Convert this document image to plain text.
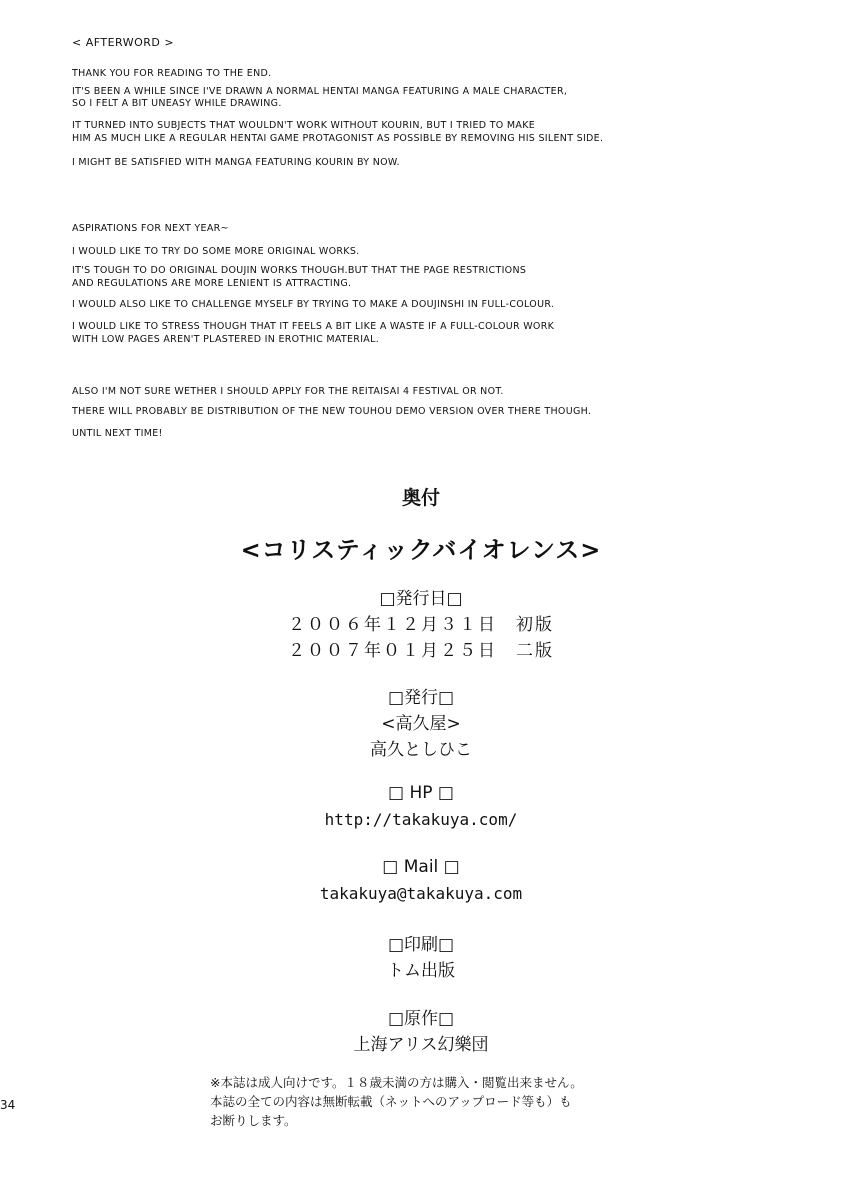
< AFTERWORD >
THANK YOU FOR READING TO THE END.
IT'S BEEN A WHILE SINCE I'VE DRAWN A NORMAL HENTAI MANGA FEATURING A MALE CHARACTER,
SO I FELT A BIT UNEASY WHILE DRAWING.
IT TURNED INTO SUBJECTS THAT WOULDN'T WORK WITHOUT KOURIN, BUT I TRIED TO MAKE
HIM AS MUCH LIKE A REGULAR HENTAI GAME PROTAGONIST AS POSSIBLE BY REMOVING HIS SILENT SIDE.
I MIGHT BE SATISFIED WITH MANGA FEATURING KOURIN BY NOW.
ASPIRATIONS FOR NEXT YEAR~
I WOULD LIKE TO TRY DO SOME MORE ORIGINAL WORKS.
IT'S TOUGH TO DO ORIGINAL DOUJIN WORKS THOUGH.BUT THAT THE PAGE RESTRICTIONS
AND REGULATIONS ARE MORE LENIENT IS ATTRACTING.
I WOULD ALSO LIKE TO CHALLENGE MYSELF BY TRYING TO MAKE A DOUJINSHI IN FULL-COLOUR.
I WOULD LIKE TO STRESS THOUGH THAT IT FEELS A BIT LIKE A WASTE IF A FULL-COLOUR WORK
WITH LOW PAGES AREN'T PLASTERED IN EROTHIC MATERIAL.
ALSO I'M NOT SURE WETHER I SHOULD APPLY FOR THE REITAISAI 4 FESTIVAL OR NOT.
THERE WILL PROBABLY BE DISTRIBUTION OF THE NEW TOUHOU DEMO VERSION OVER THERE THOUGH.
UNTIL NEXT TIME!
奥付
<コリスティックバイオレンス>
□発行日□
２００６年１２月３１日　初版
２００７年０１月２５日　二版
□発行□
<高久屋>
高久としひこ
□ HP □
http://takakuya.com/
□ Mail □
takakuya@takakuya.com
□印刷□
トム出版
□原作□
上海アリス幻樂団
※本誌は成人向けです。１８歳未満の方は購入・閲覧出来ません。
本誌の全ての内容は無断転載（ネットへのアップロード等も）も
お断りします。
34
